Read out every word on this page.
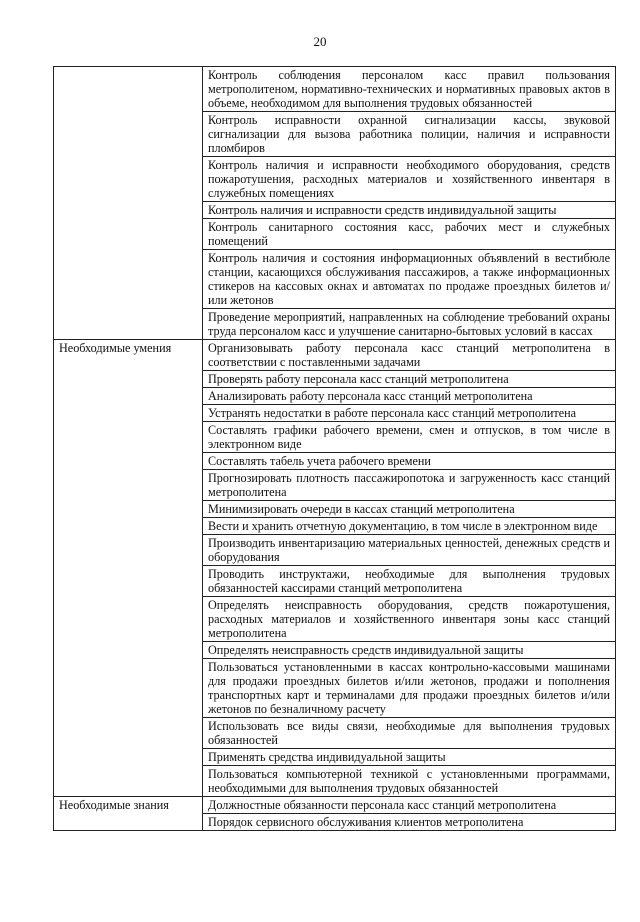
20
	Контроль соблюдения персоналом касс правил пользования метрополитеном, нормативно-технических и нормативных правовых актов в объеме, необходимом для выполнения трудовых обязанностей
	Контроль исправности охранной сигнализации кассы, звуковой сигнализации для вызова работника полиции, наличия и исправности пломбиров
	Контроль наличия и исправности необходимого оборудования, средств пожаротушения, расходных материалов и хозяйственного инвентаря в служебных помещениях
	Контроль наличия и исправности средств индивидуальной защиты
	Контроль санитарного состояния касс, рабочих мест и служебных помещений
	Контроль наличия и состояния информационных объявлений в вестибюле станции, касающихся обслуживания пассажиров, а также информационных стикеров на кассовых окнах и автоматах по продаже проездных билетов и/или жетонов
	Проведение мероприятий, направленных на соблюдение требований охраны труда персоналом касс и улучшение санитарно-бытовых условий в кассах
Необходимые умения	Организовывать работу персонала касс станций метрополитена в соответствии с поставленными задачами
	Проверять работу персонала касс станций метрополитена
	Анализировать работу персонала касс станций метрополитена
	Устранять недостатки в работе персонала касс станций метрополитена
	Составлять графики рабочего времени, смен и отпусков, в том числе в электронном виде
	Составлять табель учета рабочего времени
	Прогнозировать плотность пассажиропотока и загруженность касс станций метрополитена
	Минимизировать очереди в кассах станций метрополитена
	Вести и хранить отчетную документацию, в том числе в электронном виде
	Производить инвентаризацию материальных ценностей, денежных средств и оборудования
	Проводить инструктажи, необходимые для выполнения трудовых обязанностей кассирами станций метрополитена
	Определять неисправность оборудования, средств пожаротушения, расходных материалов и хозяйственного инвентаря зоны касс станций метрополитена
	Определять неисправность средств индивидуальной защиты
	Пользоваться установленными в кассах контрольно-кассовыми машинами для продажи проездных билетов и/или жетонов, продажи и пополнения транспортных карт и терминалами для продажи проездных билетов и/или жетонов по безналичному расчету
	Использовать все виды связи, необходимые для выполнения трудовых обязанностей
	Применять средства индивидуальной защиты
	Пользоваться компьютерной техникой с установленными программами, необходимыми для выполнения трудовых обязанностей
Необходимые знания	Должностные обязанности персонала касс станций метрополитена
	Порядок сервисного обслуживания клиентов метрополитена
